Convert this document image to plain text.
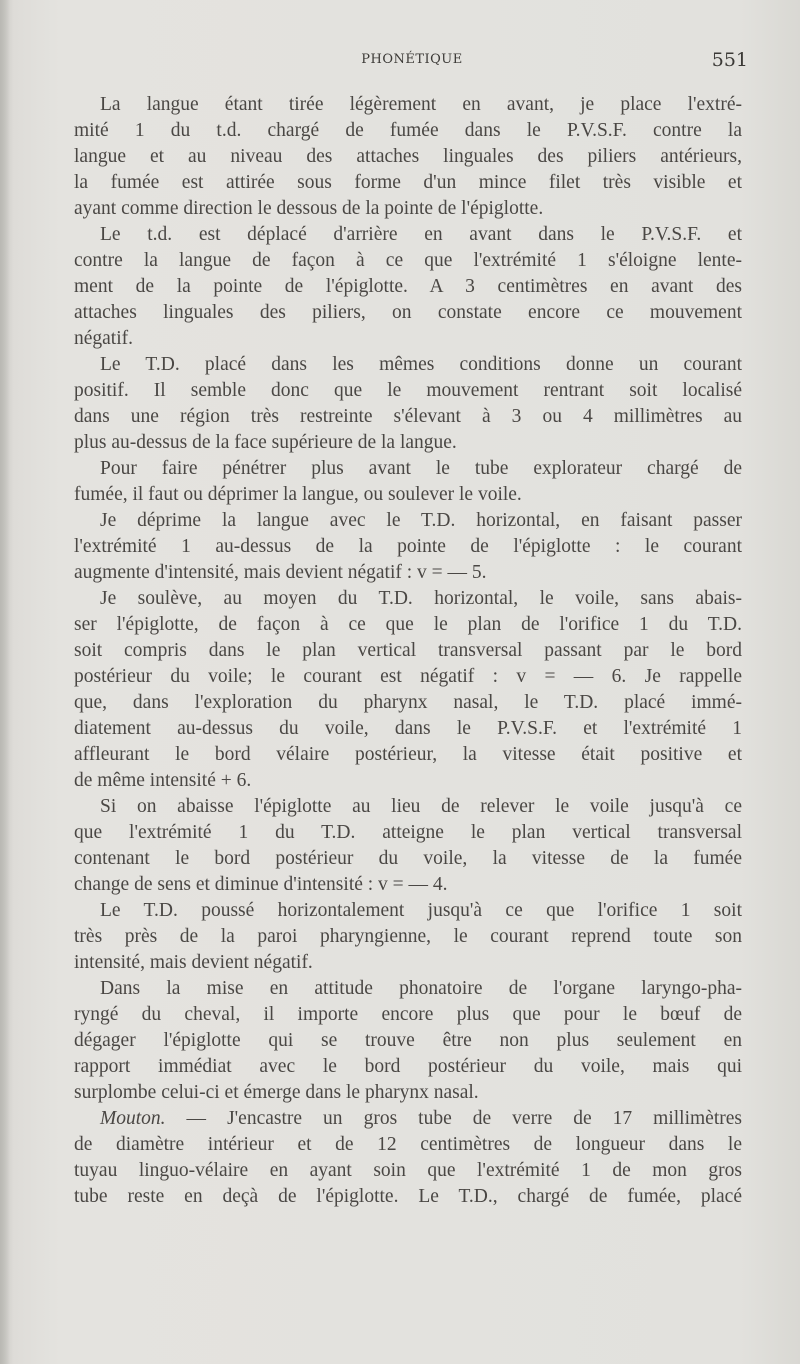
PHONÉTIQUE	551
La langue étant tirée légèrement en avant, je place l'extré-
mité 1 du t.d. chargé de fumée dans le P.V.S.F. contre la
langue et au niveau des attaches linguales des piliers antérieurs,
la fumée est attirée sous forme d'un mince filet très visible et
ayant comme direction le dessous de la pointe de l'épiglotte.
Le t.d. est déplacé d'arrière en avant dans le P.V.S.F. et
contre la langue de façon à ce que l'extrémité 1 s'éloigne lente-
ment de la pointe de l'épiglotte. A 3 centimètres en avant des
attaches linguales des piliers, on constate encore ce mouvement
négatif.
Le T.D. placé dans les mêmes conditions donne un courant
positif. Il semble donc que le mouvement rentrant soit localisé
dans une région très restreinte s'élevant à 3 ou 4 millimètres au
plus au-dessus de la face supérieure de la langue.
Pour faire pénétrer plus avant le tube explorateur chargé de
fumée, il faut ou déprimer la langue, ou soulever le voile.
Je déprime la langue avec le T.D. horizontal, en faisant passer
l'extrémité 1 au-dessus de la pointe de l'épiglotte : le courant
augmente d'intensité, mais devient négatif : v = — 5.
Je soulève, au moyen du T.D. horizontal, le voile, sans abais-
ser l'épiglotte, de façon à ce que le plan de l'orifice 1 du T.D.
soit compris dans le plan vertical transversal passant par le bord
postérieur du voile; le courant est négatif : v = — 6. Je rappelle
que, dans l'exploration du pharynx nasal, le T.D. placé immé-
diatement au-dessus du voile, dans le P.V.S.F. et l'extrémité 1
affleurant le bord vélaire postérieur, la vitesse était positive et
de même intensité + 6.
Si on abaisse l'épiglotte au lieu de relever le voile jusqu'à ce
que l'extrémité 1 du T.D. atteigne le plan vertical transversal
contenant le bord postérieur du voile, la vitesse de la fumée
change de sens et diminue d'intensité : v = — 4.
Le T.D. poussé horizontalement jusqu'à ce que l'orifice 1 soit
très près de la paroi pharyngienne, le courant reprend toute son
intensité, mais devient négatif.
Dans la mise en attitude phonatoire de l'organe laryngo-pha-
ryngé du cheval, il importe encore plus que pour le bœuf de
dégager l'épiglotte qui se trouve être non plus seulement en
rapport immédiat avec le bord postérieur du voile, mais qui
surplombe celui-ci et émerge dans le pharynx nasal.
Mouton. — J'encastre un gros tube de verre de 17 millimètres
de diamètre intérieur et de 12 centimètres de longueur dans le
tuyau linguo-vélaire en ayant soin que l'extrémité 1 de mon gros
tube reste en deçà de l'épiglotte. Le T.D., chargé de fumée, placé
